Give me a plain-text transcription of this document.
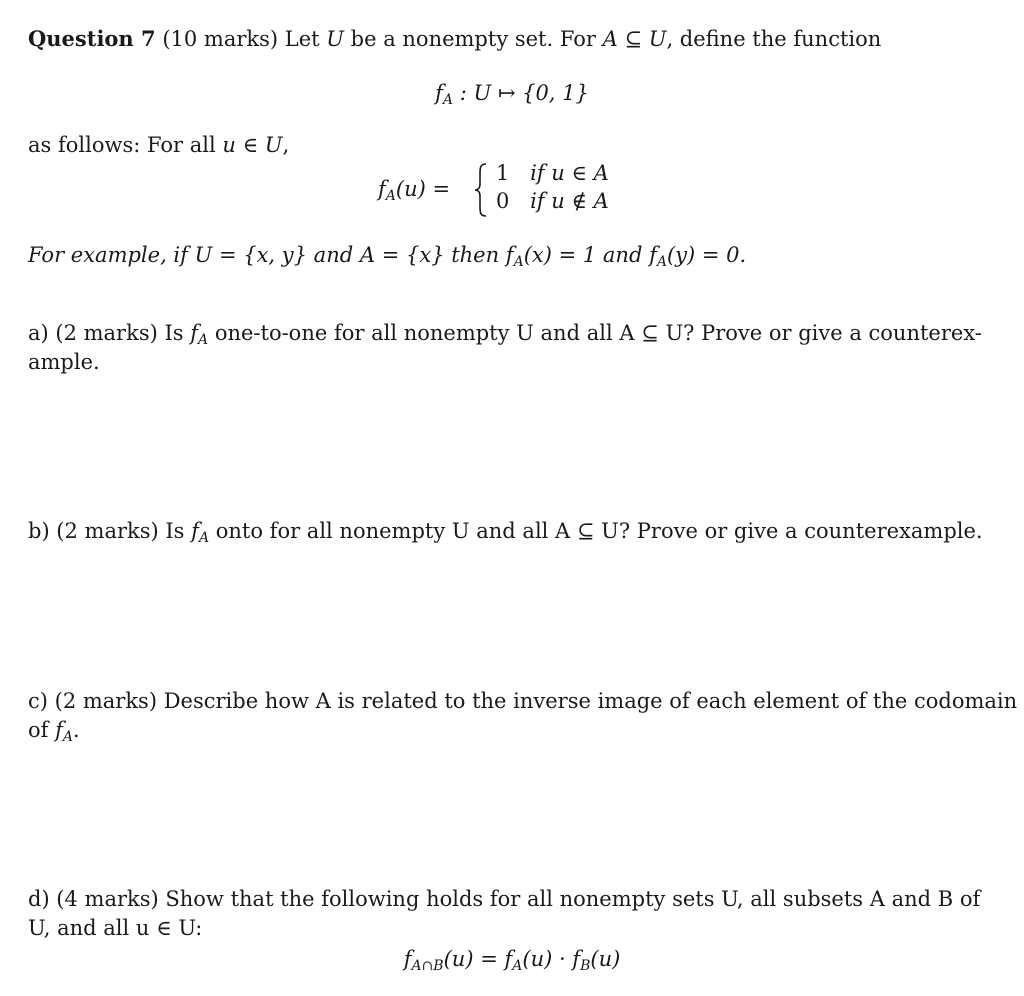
Question 7 (10 marks) Let U be a nonempty set. For A ⊆ U, define the function
$f_A$ : U ↦ {0, 1}
as follows: For all u ∈ U,
$f_A(u)$ =
1 if u ∈ A
0 if u ∉ A
For example, if U = {x, y} and A = {x} then $f_A(x) = 1$ and $f_A(y) = 0$.
a) (2 marks) Is $f_A$ one-to-one for all nonempty U and all A ⊆ U? Prove or give a counterex-
ample.
b) (2 marks) Is $f_A$ onto for all nonempty U and all A ⊆ U? Prove or give a counterexample.
c) (2 marks) Describe how A is related to the inverse image of each element of the codomain
of $f_A$.
d) (4 marks) Show that the following holds for all nonempty sets U, all subsets A and B of
U, and all u ∈ U:
$f_{A\cap B}(u) = f_A(u) \cdot f_B(u)$
